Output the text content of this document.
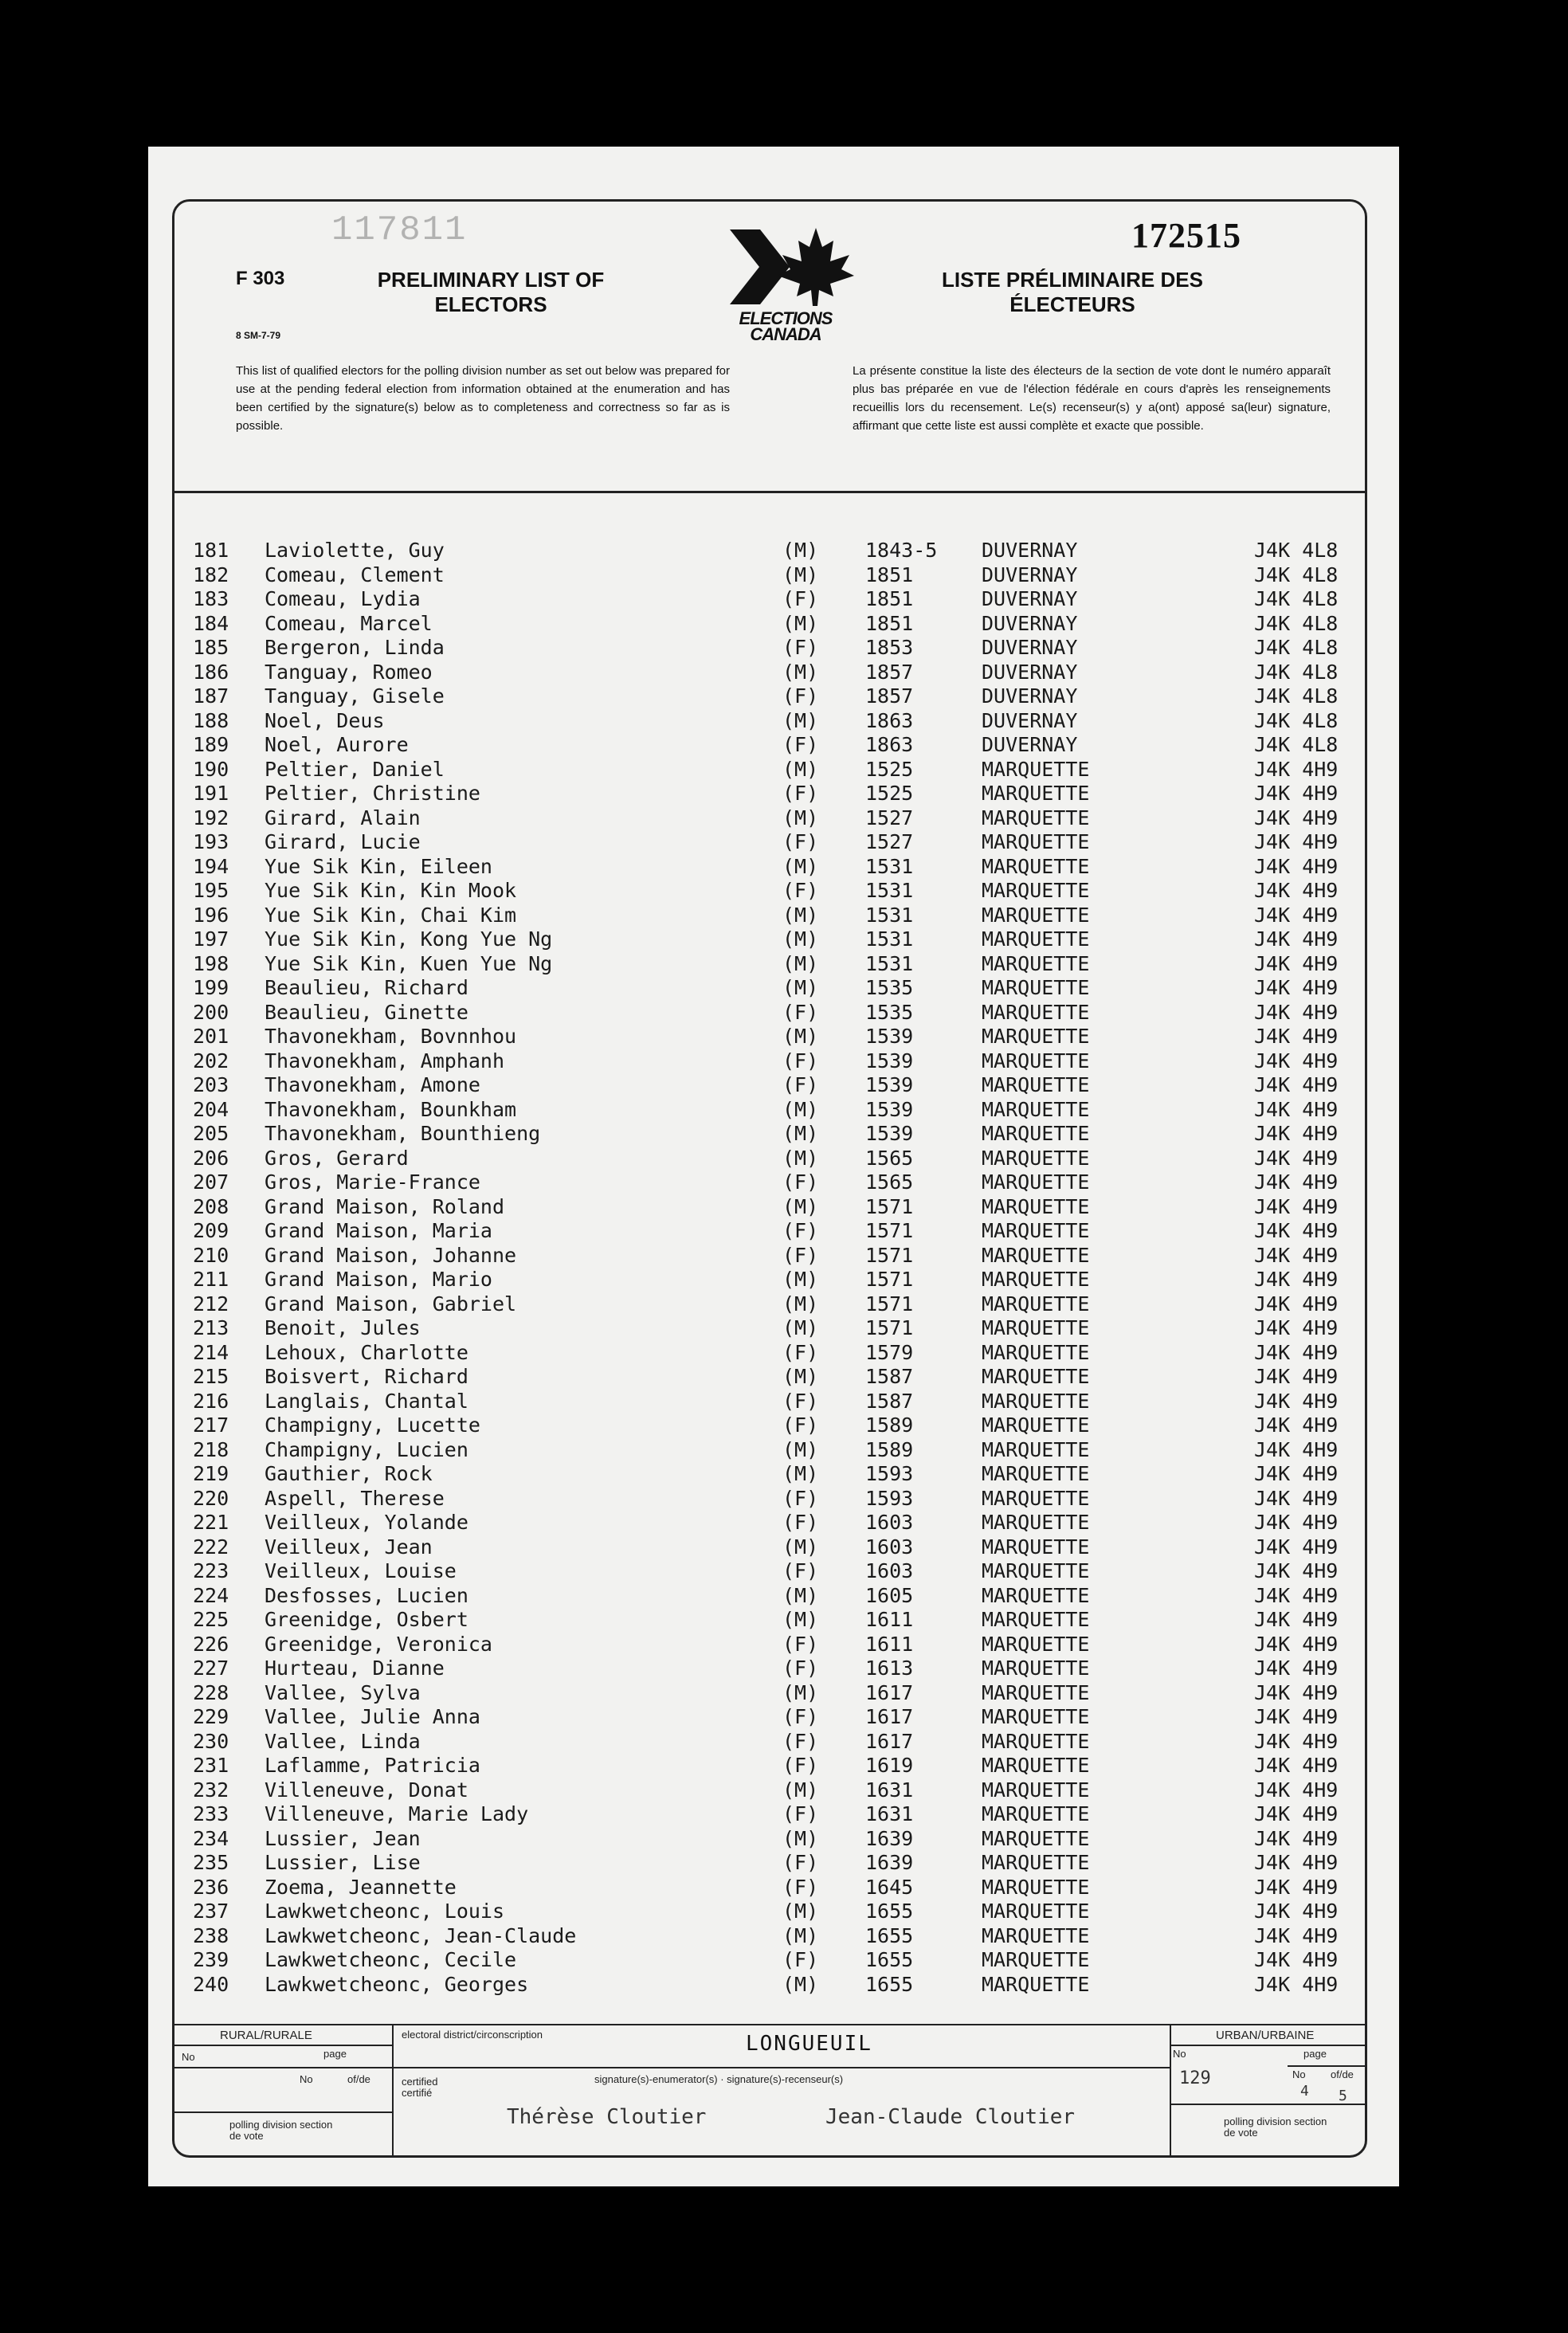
117811	172515
F 303
8 SM-7-79
PRELIMINARY LIST OF ELECTORS
LISTE PRÉLIMINAIRE DES ÉLECTEURS
ELECTIONS
CANADA
This list of qualified electors for the polling division number as set out below was prepared for use at the pending federal election from information obtained at the enumeration and has been certified by the signature(s) below as to completeness and correctness so far as is possible.
La présente constitue la liste des électeurs de la section de vote dont le numéro apparaît plus bas préparée en vue de l'élection fédérale en cours d'après les renseignements recueillis lors du recensement. Le(s) recenseur(s) y a(ont) apposé sa(leur) signature, affirmant que cette liste est aussi complète et exacte que possible.
181 Laviolette, Guy	(M) 1843-5 DUVERNAY	J4K 4L8
182 Comeau, Clement	(M) 1851	DUVERNAY	J4K 4L8
183 Comeau, Lydia	(F) 1851	DUVERNAY	J4K 4L8
184 Comeau, Marcel	(M) 1851	DUVERNAY	J4K 4L8
185 Bergeron, Linda	(F) 1853	DUVERNAY	J4K 4L8
186 Tanguay, Romeo	(M) 1857	DUVERNAY	J4K 4L8
187 Tanguay, Gisele	(F) 1857	DUVERNAY	J4K 4L8
188 Noel, Deus	(M) 1863	DUVERNAY	J4K 4L8
189 Noel, Aurore	(F) 1863	DUVERNAY	J4K 4L8
190 Peltier, Daniel	(M) 1525	MARQUETTE	J4K 4H9
191 Peltier, Christine	(F) 1525	MARQUETTE	J4K 4H9
192 Girard, Alain	(M) 1527	MARQUETTE	J4K 4H9
193 Girard, Lucie	(F) 1527	MARQUETTE	J4K 4H9
194 Yue Sik Kin, Eileen	(M) 1531	MARQUETTE	J4K 4H9
195 Yue Sik Kin, Kin Mook	(F) 1531	MARQUETTE	J4K 4H9
196 Yue Sik Kin, Chai Kim	(M) 1531	MARQUETTE	J4K 4H9
197 Yue Sik Kin, Kong Yue Ng	(M) 1531	MARQUETTE	J4K 4H9
198 Yue Sik Kin, Kuen Yue Ng	(M) 1531	MARQUETTE	J4K 4H9
199 Beaulieu, Richard	(M) 1535	MARQUETTE	J4K 4H9
200 Beaulieu, Ginette	(F) 1535	MARQUETTE	J4K 4H9
201 Thavonekham, Bovnnhou	(M) 1539	MARQUETTE	J4K 4H9
202 Thavonekham, Amphanh	(F) 1539	MARQUETTE	J4K 4H9
203 Thavonekham, Amone	(F) 1539	MARQUETTE	J4K 4H9
204 Thavonekham, Bounkham	(M) 1539	MARQUETTE	J4K 4H9
205 Thavonekham, Bounthieng	(M) 1539	MARQUETTE	J4K 4H9
206 Gros, Gerard	(M) 1565	MARQUETTE	J4K 4H9
207 Gros, Marie-France	(F) 1565	MARQUETTE	J4K 4H9
208 Grand Maison, Roland	(M) 1571	MARQUETTE	J4K 4H9
209 Grand Maison, Maria	(F) 1571	MARQUETTE	J4K 4H9
210 Grand Maison, Johanne	(F) 1571	MARQUETTE	J4K 4H9
211 Grand Maison, Mario	(M) 1571	MARQUETTE	J4K 4H9
212 Grand Maison, Gabriel	(M) 1571	MARQUETTE	J4K 4H9
213 Benoit, Jules	(M) 1571	MARQUETTE	J4K 4H9
214 Lehoux, Charlotte	(F) 1579	MARQUETTE	J4K 4H9
215 Boisvert, Richard	(M) 1587	MARQUETTE	J4K 4H9
216 Langlais, Chantal	(F) 1587	MARQUETTE	J4K 4H9
217 Champigny, Lucette	(F) 1589	MARQUETTE	J4K 4H9
218 Champigny, Lucien	(M) 1589	MARQUETTE	J4K 4H9
219 Gauthier, Rock	(M) 1593	MARQUETTE	J4K 4H9
220 Aspell, Therese	(F) 1593	MARQUETTE	J4K 4H9
221 Veilleux, Yolande	(F) 1603	MARQUETTE	J4K 4H9
222 Veilleux, Jean	(M) 1603	MARQUETTE	J4K 4H9
223 Veilleux, Louise	(F) 1603	MARQUETTE	J4K 4H9
224 Desfosses, Lucien	(M) 1605	MARQUETTE	J4K 4H9
225 Greenidge, Osbert	(M) 1611	MARQUETTE	J4K 4H9
226 Greenidge, Veronica	(F) 1611	MARQUETTE	J4K 4H9
227 Hurteau, Dianne	(F) 1613	MARQUETTE	J4K 4H9
228 Vallee, Sylva	(M) 1617	MARQUETTE	J4K 4H9
229 Vallee, Julie Anna	(F) 1617	MARQUETTE	J4K 4H9
230 Vallee, Linda	(F) 1617	MARQUETTE	J4K 4H9
231 Laflamme, Patricia	(F) 1619	MARQUETTE	J4K 4H9
232 Villeneuve, Donat	(M) 1631	MARQUETTE	J4K 4H9
233 Villeneuve, Marie Lady	(F) 1631	MARQUETTE	J4K 4H9
234 Lussier, Jean	(M) 1639	MARQUETTE	J4K 4H9
235 Lussier, Lise	(F) 1639	MARQUETTE	J4K 4H9
236 Zoema, Jeannette	(F) 1645	MARQUETTE	J4K 4H9
237 Lawkwetcheonc, Louis	(M) 1655	MARQUETTE	J4K 4H9
238 Lawkwetcheonc, Jean-Claude	(M) 1655	MARQUETTE	J4K 4H9
239 Lawkwetcheonc, Cecile	(F) 1655	MARQUETTE	J4K 4H9
240 Lawkwetcheonc, Georges	(M) 1655	MARQUETTE	J4K 4H9
RURAL/RURALE
No	page
No	of/de
polling division section de vote
electoral district/circonscription	LONGUEUIL
certified certifié
signature(s)-enumerator(s) · signature(s)-recenseur(s)
Thérèse Cloutier	Jean-Claude Cloutier
URBAN/URBAINE
No	page
No of/de
129
4 5
polling division section de vote
